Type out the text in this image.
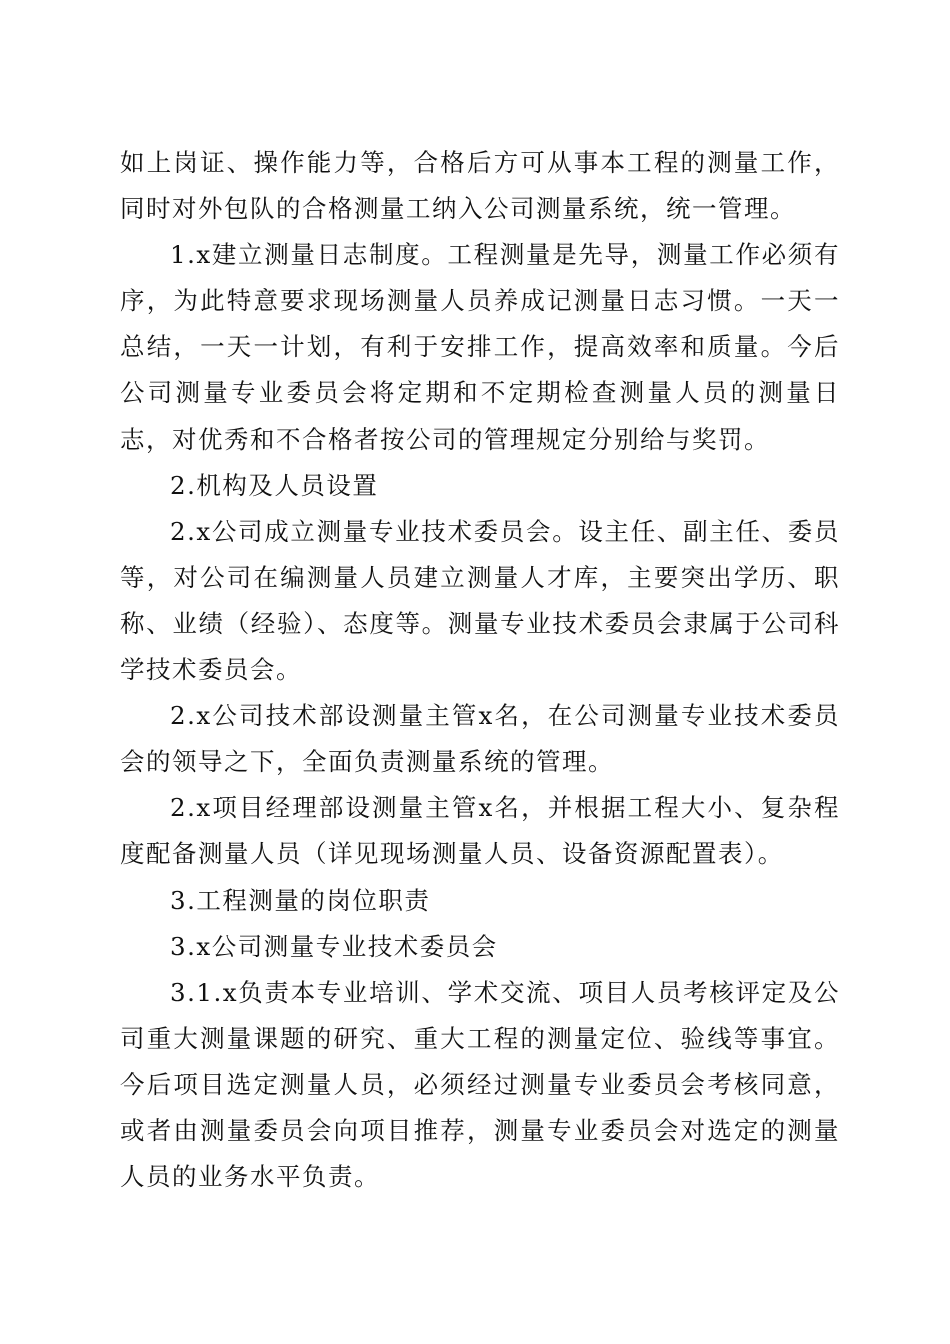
如上岗证、操作能力等，合格后方可从事本工程的测量工作，同时对外包队的合格测量工纳入公司测量系统，统一管理。

1.x建立测量日志制度。工程测量是先导，测量工作必须有序，为此特意要求现场测量人员养成记测量日志习惯。一天一总结，一天一计划，有利于安排工作，提高效率和质量。今后公司测量专业委员会将定期和不定期检查测量人员的测量日志，对优秀和不合格者按公司的管理规定分别给与奖罚。

2.机构及人员设置

2.x公司成立测量专业技术委员会。设主任、副主任、委员等，对公司在编测量人员建立测量人才库，主要突出学历、职称、业绩（经验）、态度等。测量专业技术委员会隶属于公司科学技术委员会。

2.x公司技术部设测量主管x名，在公司测量专业技术委员会的领导之下，全面负责测量系统的管理。

2.x项目经理部设测量主管x名，并根据工程大小、复杂程度配备测量人员（详见现场测量人员、设备资源配置表）。

3.工程测量的岗位职责

3.x公司测量专业技术委员会

3.1.x负责本专业培训、学术交流、项目人员考核评定及公司重大测量课题的研究、重大工程的测量定位、验线等事宜。今后项目选定测量人员，必须经过测量专业委员会考核同意，或者由测量委员会向项目推荐，测量专业委员会对选定的测量人员的业务水平负责。
